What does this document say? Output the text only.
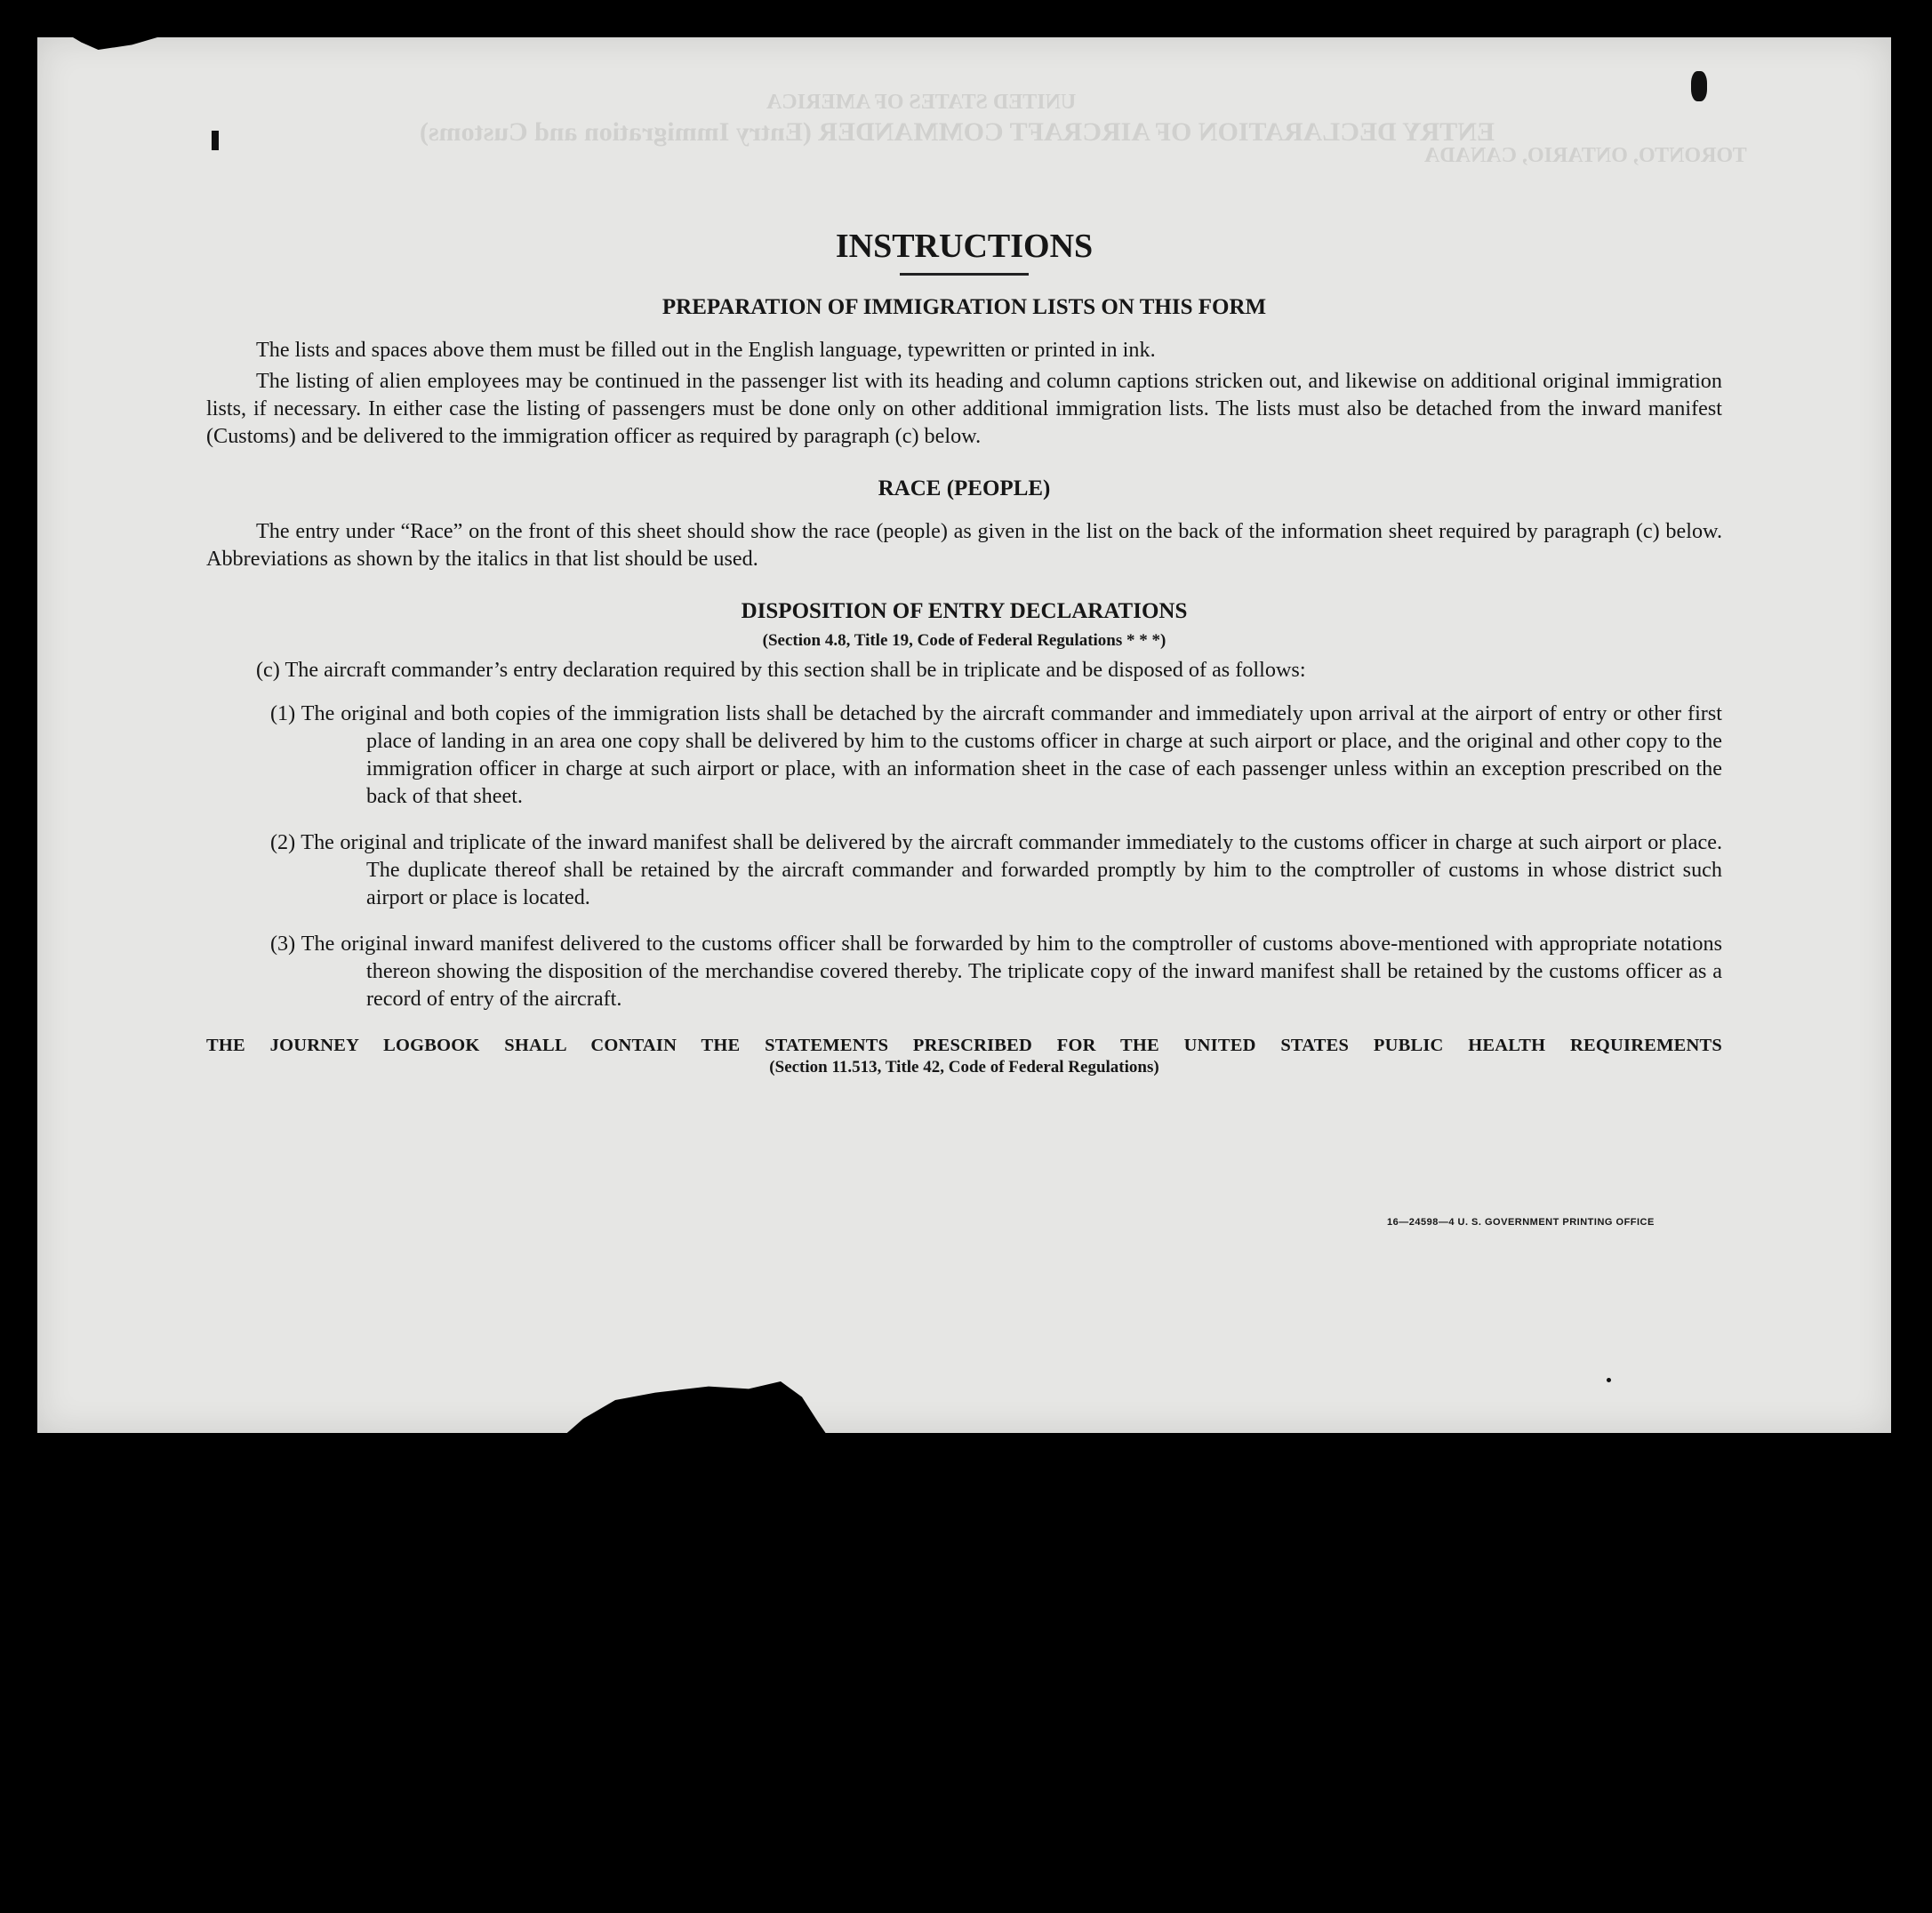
UNITED STATES OF AMERICA
ENTRY DECLARATION OF AIRCRAFT COMMANDER (Entry Immigration and Customs)
TORONTO, ONTARIO, CANADA
INSTRUCTIONS
PREPARATION OF IMMIGRATION LISTS ON THIS FORM

The lists and spaces above them must be filled out in the English language, typewritten or printed in ink.

The listing of alien employees may be continued in the passenger list with its heading and column captions stricken out, and likewise on additional original immigration lists, if necessary. In either case the listing of passengers must be done only on other additional immigration lists. The lists must also be detached from the inward manifest (Customs) and be delivered to the immigration officer as required by paragraph (c) below.

RACE (PEOPLE)

The entry under “Race” on the front of this sheet should show the race (people) as given in the list on the back of the information sheet required by paragraph (c) below. Abbreviations as shown by the italics in that list should be used.

DISPOSITION OF ENTRY DECLARATIONS
(Section 4.8, Title 19, Code of Federal Regulations * * *)

(c) The aircraft commander’s entry declaration required by this section shall be in triplicate and be disposed of as follows:

(1) The original and both copies of the immigration lists shall be detached by the aircraft commander and immediately upon arrival at the airport of entry or other first place of landing in an area one copy shall be delivered by him to the customs officer in charge at such airport or place, and the original and other copy to the immigration officer in charge at such airport or place, with an information sheet in the case of each passenger unless within an exception prescribed on the back of that sheet.

(2) The original and triplicate of the inward manifest shall be delivered by the aircraft commander immediately to the customs officer in charge at such airport or place. The duplicate thereof shall be retained by the aircraft commander and forwarded promptly by him to the comptroller of customs in whose district such airport or place is located.

(3) The original inward manifest delivered to the customs officer shall be forwarded by him to the comptroller of customs above-mentioned with appropriate notations thereon showing the disposition of the merchandise covered thereby. The triplicate copy of the inward manifest shall be retained by the customs officer as a record of entry of the aircraft.

THE JOURNEY LOGBOOK SHALL CONTAIN THE STATEMENTS PRESCRIBED FOR THE UNITED STATES PUBLIC HEALTH REQUIREMENTS
(Section 11.513, Title 42, Code of Federal Regulations)
16—24598—4 U. S. GOVERNMENT PRINTING OFFICE
